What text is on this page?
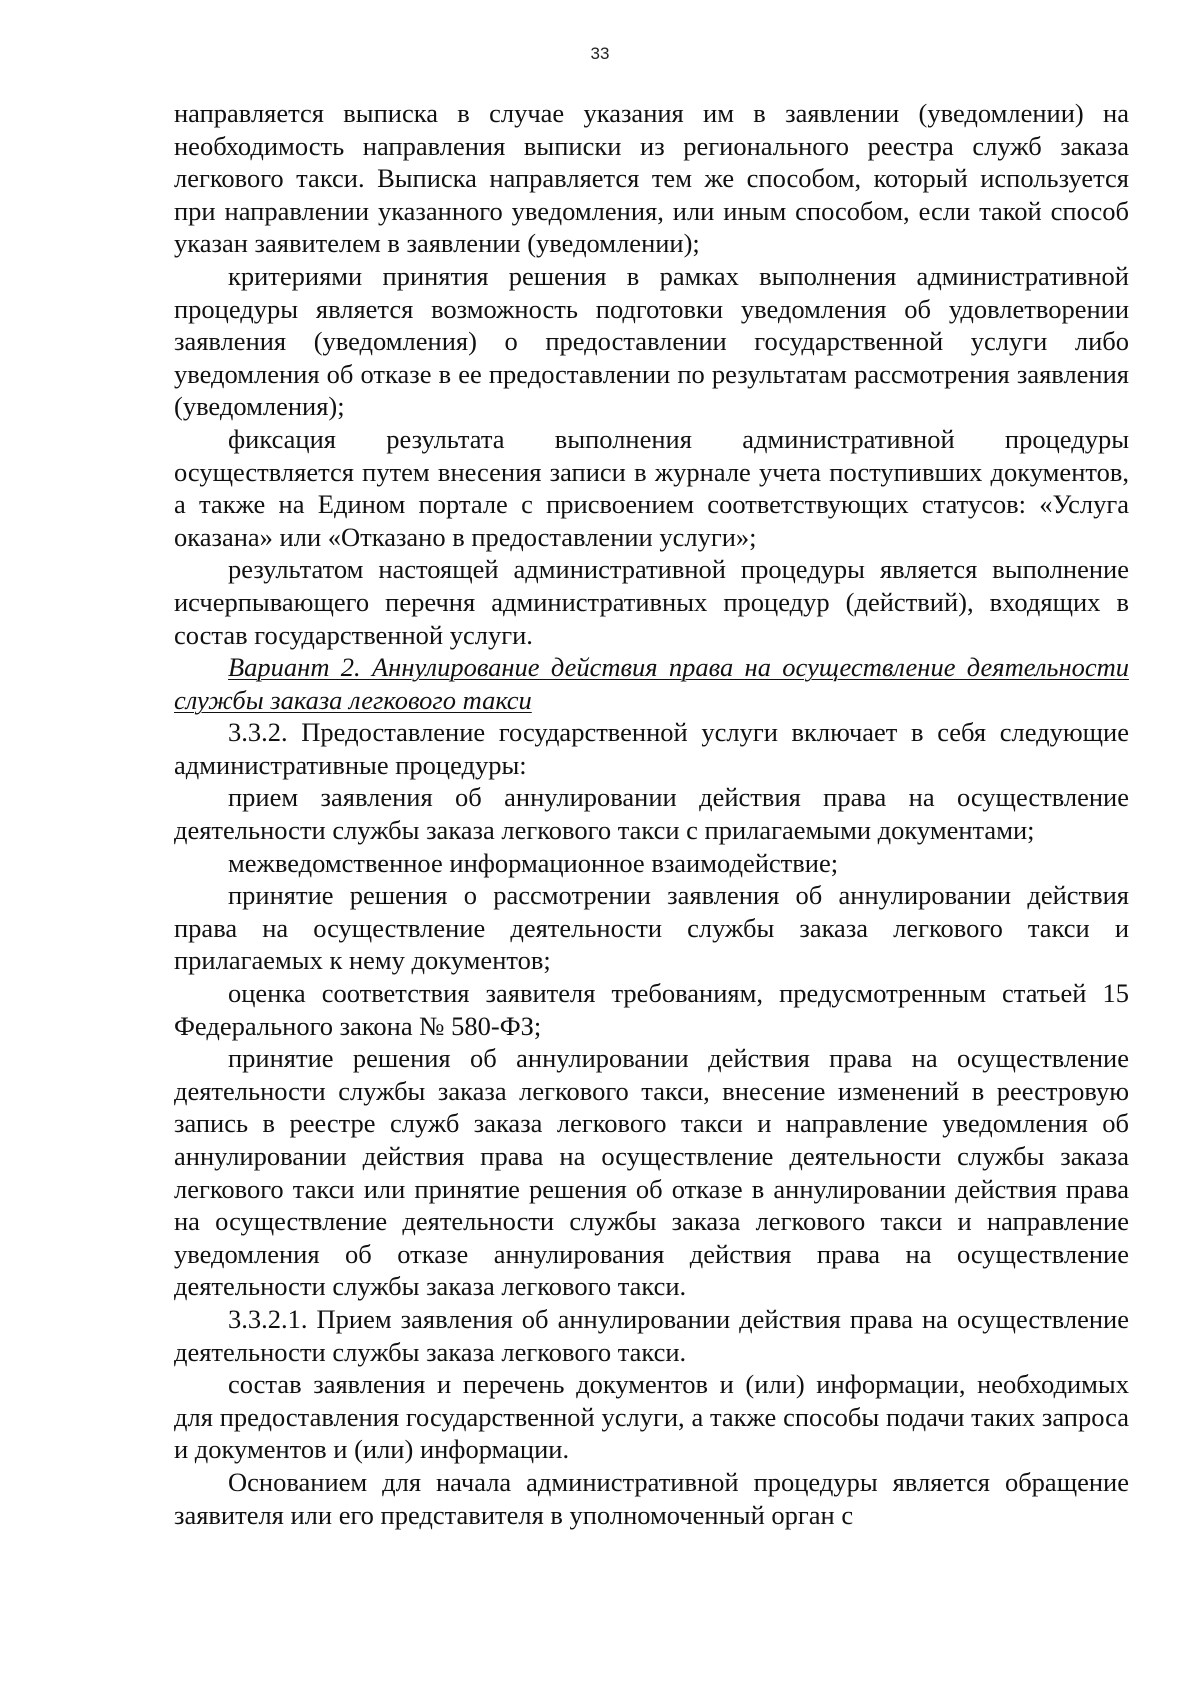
33

направляется выписка в случае указания им в заявлении (уведомлении) на необходимость направления выписки из регионального реестра служб заказа легкового такси. Выписка направляется тем же способом, который используется при направлении указанного уведомления, или иным способом, если такой способ указан заявителем в заявлении (уведомлении);

критериями принятия решения в рамках выполнения административной процедуры является возможность подготовки уведомления об удовлетворении заявления (уведомления) о предоставлении государственной услуги либо уведомления об отказе в ее предоставлении по результатам рассмотрения заявления (уведомления);

фиксация результата выполнения административной процедуры осуществляется путем внесения записи в журнале учета поступивших документов, а также на Едином портале с присвоением соответствующих статусов: «Услуга оказана» или «Отказано в предоставлении услуги»;

результатом настоящей административной процедуры является выполнение исчерпывающего перечня административных процедур (действий), входящих в состав государственной услуги.

Вариант 2. Аннулирование действия права на осуществление деятельности службы заказа легкового такси

3.3.2. Предоставление государственной услуги включает в себя следующие административные процедуры:

прием заявления об аннулировании действия права на осуществление деятельности службы заказа легкового такси с прилагаемыми документами;

межведомственное информационное взаимодействие;

принятие решения о рассмотрении заявления об аннулировании действия права на осуществление деятельности службы заказа легкового такси и прилагаемых к нему документов;

оценка соответствия заявителя требованиям, предусмотренным статьей 15 Федерального закона № 580-ФЗ;

принятие решения об аннулировании действия права на осуществление деятельности службы заказа легкового такси, внесение изменений в реестровую запись в реестре служб заказа легкового такси и направление уведомления об аннулировании действия права на осуществление деятельности службы заказа легкового такси или принятие решения об отказе в аннулировании действия права на осуществление деятельности службы заказа легкового такси и направление уведомления об отказе аннулирования действия права на осуществление деятельности службы заказа легкового такси.

3.3.2.1. Прием заявления об аннулировании действия права на осуществление деятельности службы заказа легкового такси.

состав заявления и перечень документов и (или) информации, необходимых для предоставления государственной услуги, а также способы подачи таких запроса и документов и (или) информации.

Основанием для начала административной процедуры является обращение заявителя или его представителя в уполномоченный орган с
